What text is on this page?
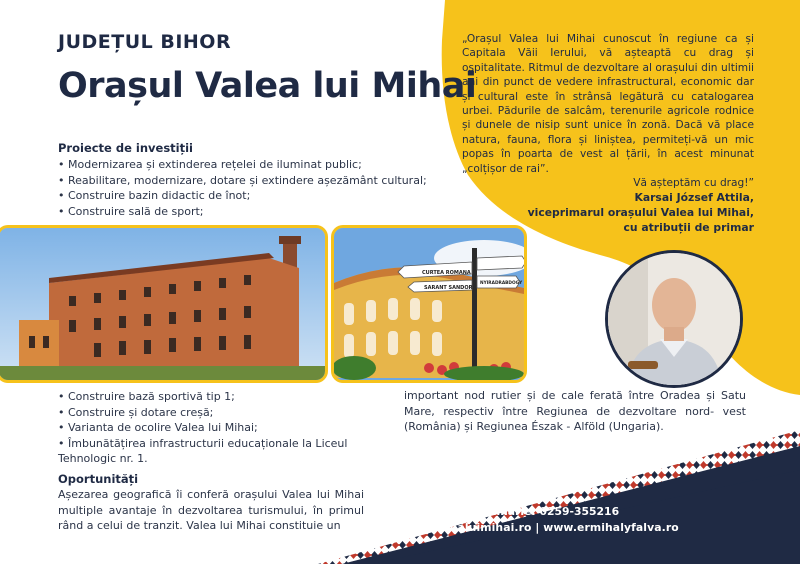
JUDEȚUL BIHOR
Orașul Valea lui Mihai
Proiecte de investiții
• Modernizarea și extinderea rețelei de iluminat public;
• Reabilitare, modernizare, dotare și extindere așezământ cultural;
• Construire bazin didactic de înot;
• Construire sală de sport;
CURTEA ROMANA
SARANT SANDOR
NYIRADRABDOGY
„Orașul Valea lui Mihai cunoscut în regiune ca și Capitala Văii Ierului, vă așteaptă cu drag și ospitalitate. Ritmul de dezvoltare al orașului din ultimii ani din punct de vedere infrastructural, economic dar și cultural este în strânsă legătură cu catalogarea urbei. Pădurile de salcâm, terenurile agricole rodnice și dunele de nisip sunt unice în zonă. Dacă vă place natura, fauna, flora și liniștea, permiteți-vă un mic popas în poarta de vest al țării, în acest minunat „colțișor de rai”.
Vă așteptăm cu drag!”
Karsai József Attila,
viceprimarul orașului Valea lui Mihai,
cu atribuții de primar
• Construire bază sportivă tip 1;
• Construire și dotare creșă;
• Varianta de ocolire Valea lui Mihai;
• Îmbunătățirea infrastructurii educaționale la Liceul Tehnologic nr. 1.
Oportunități
Așezarea geografică îi conferă orașului Valea lui Mihai multiple avantaje în dezvoltarea turismului, în primul rând a celui de tranzit. Valea lui Mihai constituie un
important nod rutier și de cale ferată între Oradea și Satu Mare, respectiv între Regiunea de dezvoltare nord- vest (România) și Regiunea Észak - Alföld (Ungaria).
Date contact primărie: 0259-355216
www.valealuimihai.ro | www.ermihalyfalva.ro
